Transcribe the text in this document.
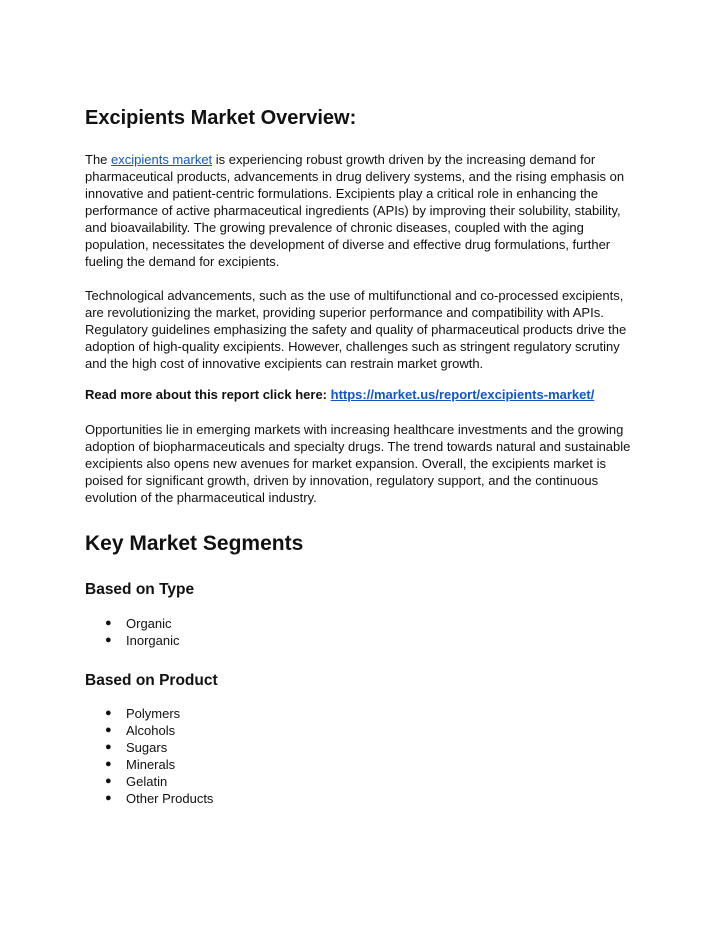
Excipients Market Overview:

The excipients market is experiencing robust growth driven by the increasing demand for pharmaceutical products, advancements in drug delivery systems, and the rising emphasis on innovative and patient-centric formulations. Excipients play a critical role in enhancing the performance of active pharmaceutical ingredients (APIs) by improving their solubility, stability, and bioavailability. The growing prevalence of chronic diseases, coupled with the aging population, necessitates the development of diverse and effective drug formulations, further fueling the demand for excipients.

Technological advancements, such as the use of multifunctional and co-processed excipients, are revolutionizing the market, providing superior performance and compatibility with APIs. Regulatory guidelines emphasizing the safety and quality of pharmaceutical products drive the adoption of high-quality excipients. However, challenges such as stringent regulatory scrutiny and the high cost of innovative excipients can restrain market growth.

Read more about this report click here: https://market.us/report/excipients-market/

Opportunities lie in emerging markets with increasing healthcare investments and the growing adoption of biopharmaceuticals and specialty drugs. The trend towards natural and sustainable excipients also opens new avenues for market expansion. Overall, the excipients market is poised for significant growth, driven by innovation, regulatory support, and the continuous evolution of the pharmaceutical industry.

Key Market Segments
Based on Type
● Organic
● Inorganic
Based on Product
● Polymers
● Alcohols
● Sugars
● Minerals
● Gelatin
● Other Products
